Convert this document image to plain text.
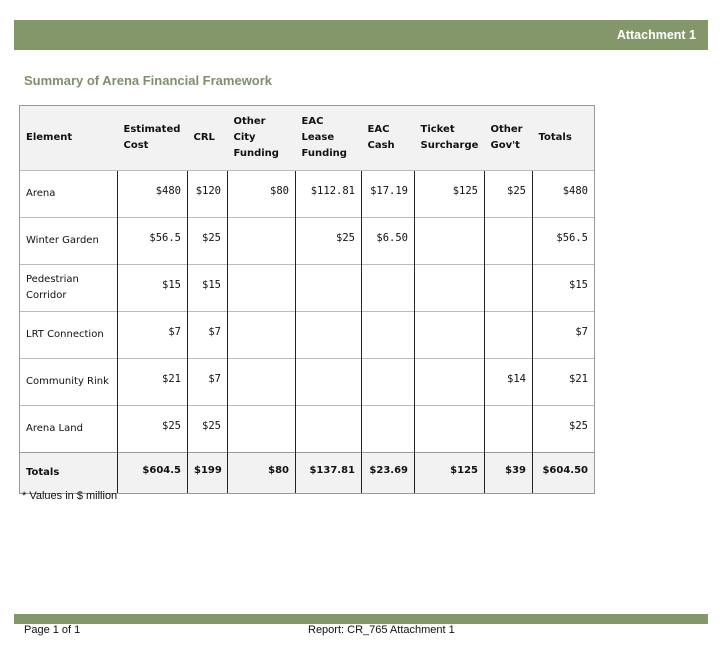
Attachment 1
Summary of Arena Financial Framework
Element	Estimated Cost	CRL	Other City Funding	EAC Lease Funding	EAC Cash	Ticket Surcharge	Other Gov't	Totals
Arena	$480	$120	$80	$112.81	$17.19	$125	$25	$480
Winter Garden	$56.5	$25		$25	$6.50			$56.5
Pedestrian Corridor	$15	$15						$15
LRT Connection	$7	$7						$7
Community Rink	$21	$7					$14	$21
Arena Land	$25	$25						$25
Totals	$604.5	$199	$80	$137.81	$23.69	$125	$39	$604.50
* Values in $ million
Page 1 of 1	Report: CR_765 Attachment 1
